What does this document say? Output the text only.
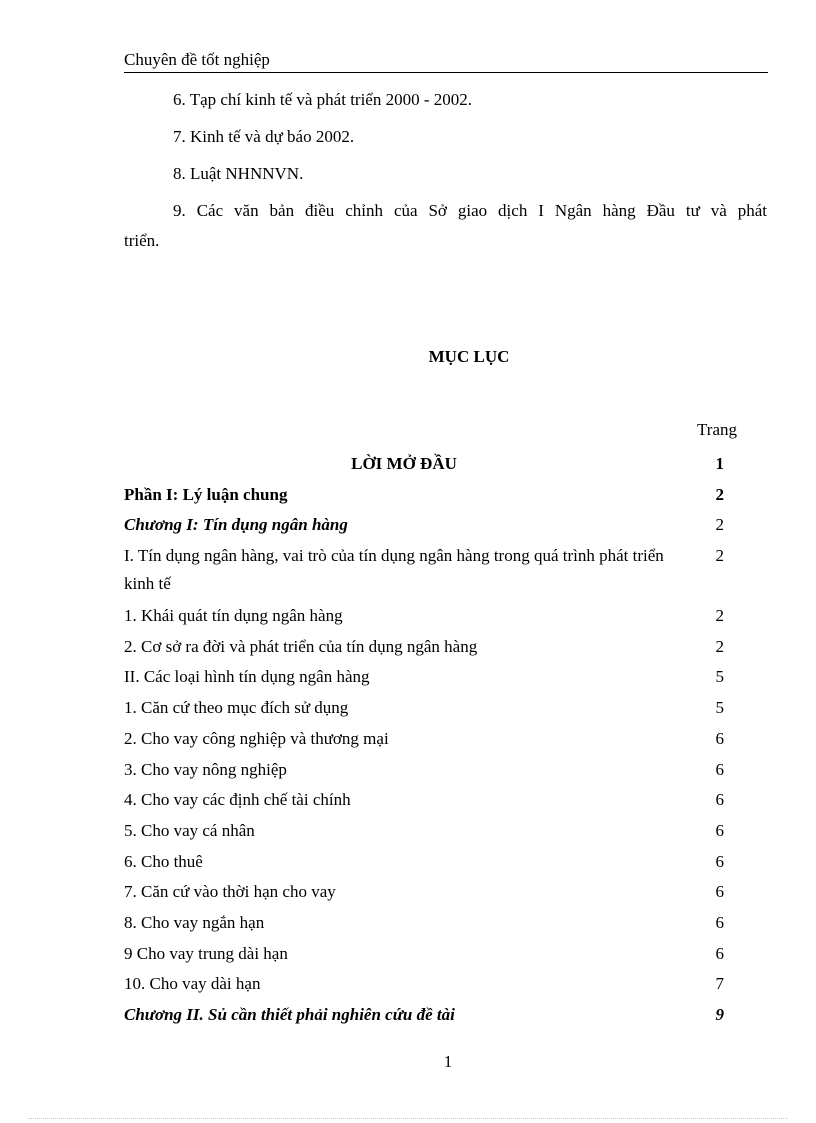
Chuyên đề tốt nghiệp

6. Tạp chí kinh tế và phát triển 2000 - 2002.

7. Kinh tế và dự báo 2002.

8. Luật NHNNVN.

9. Các văn bản điều chỉnh của Sở giao dịch I Ngân hàng Đầu tư và phát

triển.

MỤC LỤC
Trang
LỜI MỞ ĐẦU	1
Phần I: Lý luận chung	2
Chương I: Tín dụng ngân hàng	2
I. Tín dụng ngân hàng, vai trò của tín dụng ngân hàng trong quá trình phát triển kinh tế
2
1. Khái quát tín dụng ngân hàng	2
2. Cơ sở ra đời và phát triển của tín dụng ngân hàng	2
II. Các loại hình tín dụng ngân hàng	5
1. Căn cứ theo mục đích sử dụng	5
2. Cho vay công nghiệp và thương mại	6
3. Cho vay nông nghiệp	6
4. Cho vay các định chế tài chính	6
5. Cho vay cá nhân	6
6. Cho thuê	6
7. Căn cứ vào thời hạn cho vay	6
8. Cho vay ngắn hạn	6
9 Cho vay trung dài hạn	6
10. Cho vay dài hạn	7
Chương II. Sủ cần thiết phải nghiên cứu đề tài	9
1
